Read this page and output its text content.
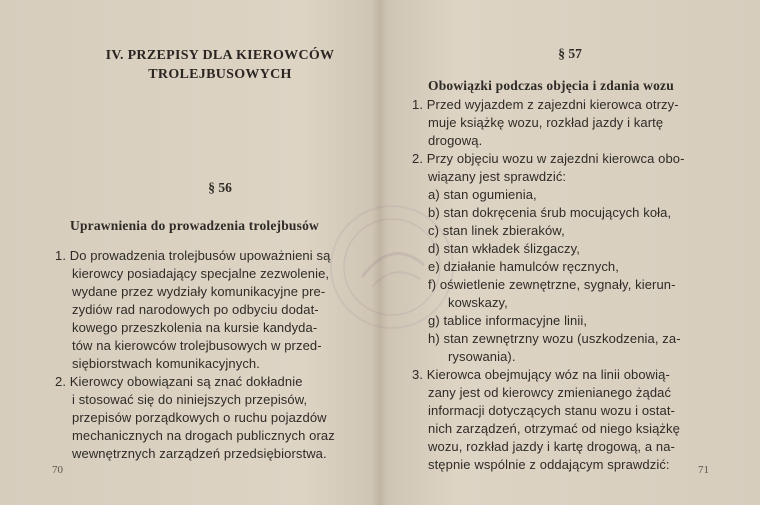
IV. PRZEPISY DLA KIEROWCÓW
TROLEJBUSOWYCH
§ 56
Uprawnienia do prowadzenia trolejbusów
1. Do prowadzenia trolejbusów upoważnieni są
kierowcy posiadający specjalne zezwolenie,
wydane przez wydziały komunikacyjne pre-
zydiów rad narodowych po odbyciu dodat-
kowego przeszkolenia na kursie kandyda-
tów na kierowców trolejbusowych w przed-
siębiorstwach komunikacyjnych.
2. Kierowcy obowiązani są znać dokładnie
i stosować się do niniejszych przepisów,
przepisów porządkowych o ruchu pojazdów
mechanicznych na drogach publicznych oraz
wewnętrznych zarządzeń przedsiębiorstwa.
70
§ 57
Obowiązki podczas objęcia i zdania wozu
1. Przed wyjazdem z zajezdni kierowca otrzy-
muje książkę wozu, rozkład jazdy i kartę
drogową.
2. Przy objęciu wozu w zajezdni kierowca obo-
wiązany jest sprawdzić:
a) stan ogumienia,
b) stan dokręcenia śrub mocujących koła,
c) stan linek zbieraków,
d) stan wkładek ślizgaczy,
e) działanie hamulców ręcznych,
f) oświetlenie zewnętrzne, sygnały, kierun-
kowskazy,
g) tablice informacyjne linii,
h) stan zewnętrzny wozu (uszkodzenia, za-
rysowania).
3. Kierowca obejmujący wóz na linii obowią-
zany jest od kierowcy zmienianego żądać
informacji dotyczących stanu wozu i ostat-
nich zarządzeń, otrzymać od niego książkę
wozu, rozkład jazdy i kartę drogową, a na-
stępnie wspólnie z oddającym sprawdzić:	71
